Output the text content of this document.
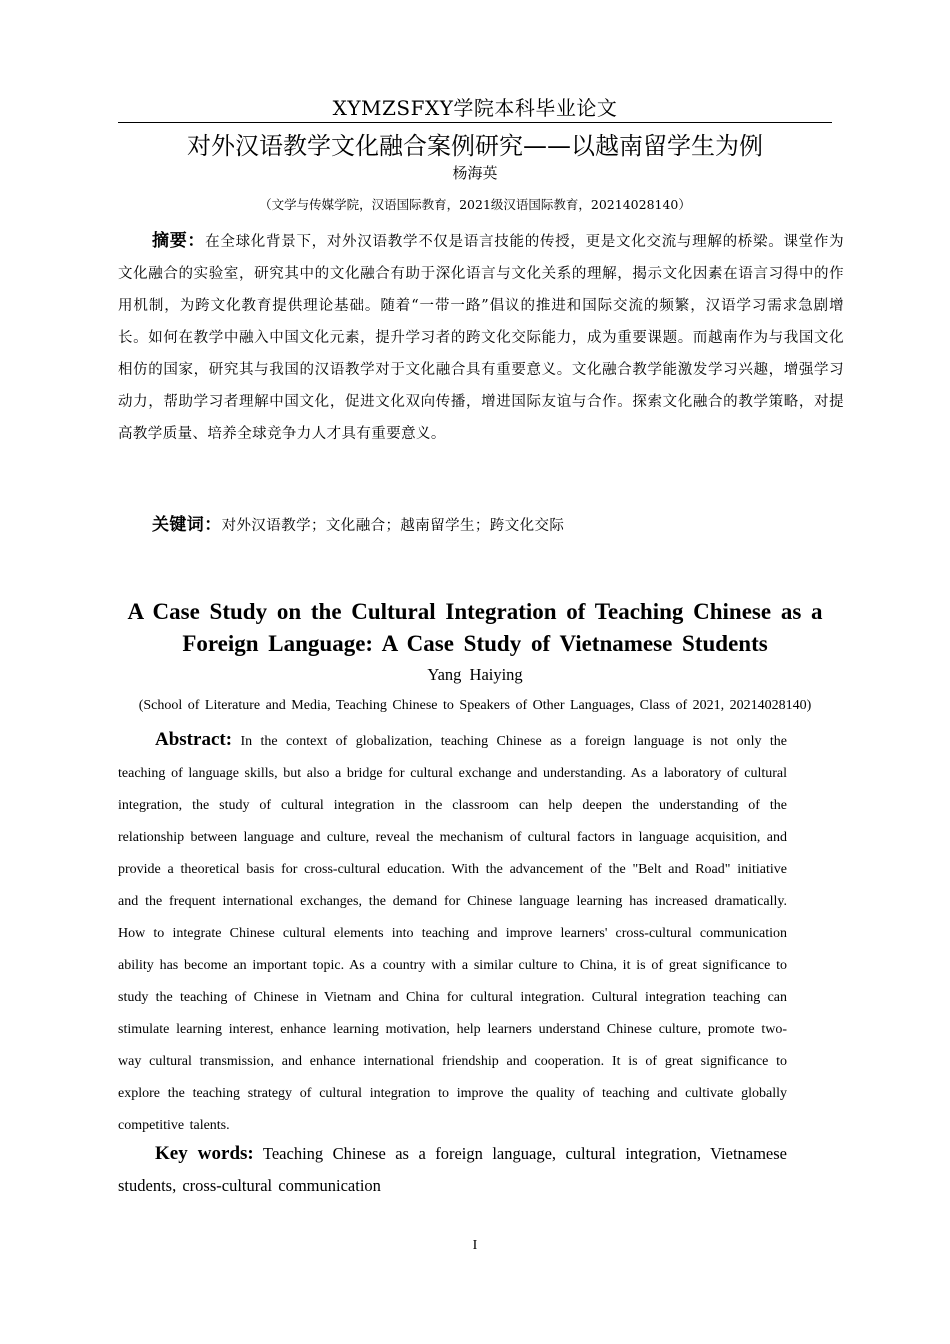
XYMZSFXY学院本科毕业论文
对外汉语教学文化融合案例研究——以越南留学生为例
杨海英
（文学与传媒学院，汉语国际教育，2021级汉语国际教育，20214028140）
摘要：在全球化背景下，对外汉语教学不仅是语言技能的传授，更是文化交流与理解的桥梁。课堂作为文化融合的实验室，研究其中的文化融合有助于深化语言与文化关系的理解，揭示文化因素在语言习得中的作用机制，为跨文化教育提供理论基础。随着“一带一路”倡议的推进和国际交流的频繁，汉语学习需求急剧增长。如何在教学中融入中国文化元素，提升学习者的跨文化交际能力，成为重要课题。而越南作为与我国文化相仿的国家，研究其与我国的汉语教学对于文化融合具有重要意义。文化融合教学能激发学习兴趣，增强学习动力，帮助学习者理解中国文化，促进文化双向传播，增进国际友谊与合作。探索文化融合的教学策略，对提高教学质量、培养全球竞争力人才具有重要意义。
关键词：对外汉语教学；文化融合；越南留学生；跨文化交际
A Case Study on the Cultural Integration of Teaching Chinese as a Foreign Language: A Case Study of Vietnamese Students
Yang Haiying
(School of Literature and Media, Teaching Chinese to Speakers of Other Languages, Class of 2021, 20214028140)
Abstract: In the context of globalization, teaching Chinese as a foreign language is not only the teaching of language skills, but also a bridge for cultural exchange and understanding. As a laboratory of cultural integration, the study of cultural integration in the classroom can help deepen the understanding of the relationship between language and culture, reveal the mechanism of cultural factors in language acquisition, and provide a theoretical basis for cross-cultural education. With the advancement of the "Belt and Road" initiative and the frequent international exchanges, the demand for Chinese language learning has increased dramatically. How to integrate Chinese cultural elements into teaching and improve learners' cross-cultural communication ability has become an important topic. As a country with a similar culture to China, it is of great significance to study the teaching of Chinese in Vietnam and China for cultural integration. Cultural integration teaching can stimulate learning interest, enhance learning motivation, help learners understand Chinese culture, promote two-way cultural transmission, and enhance international friendship and cooperation. It is of great significance to explore the teaching strategy of cultural integration to improve the quality of teaching and cultivate globally competitive talents.
Key words: Teaching Chinese as a foreign language, cultural integration, Vietnamese students, cross-cultural communication
I
